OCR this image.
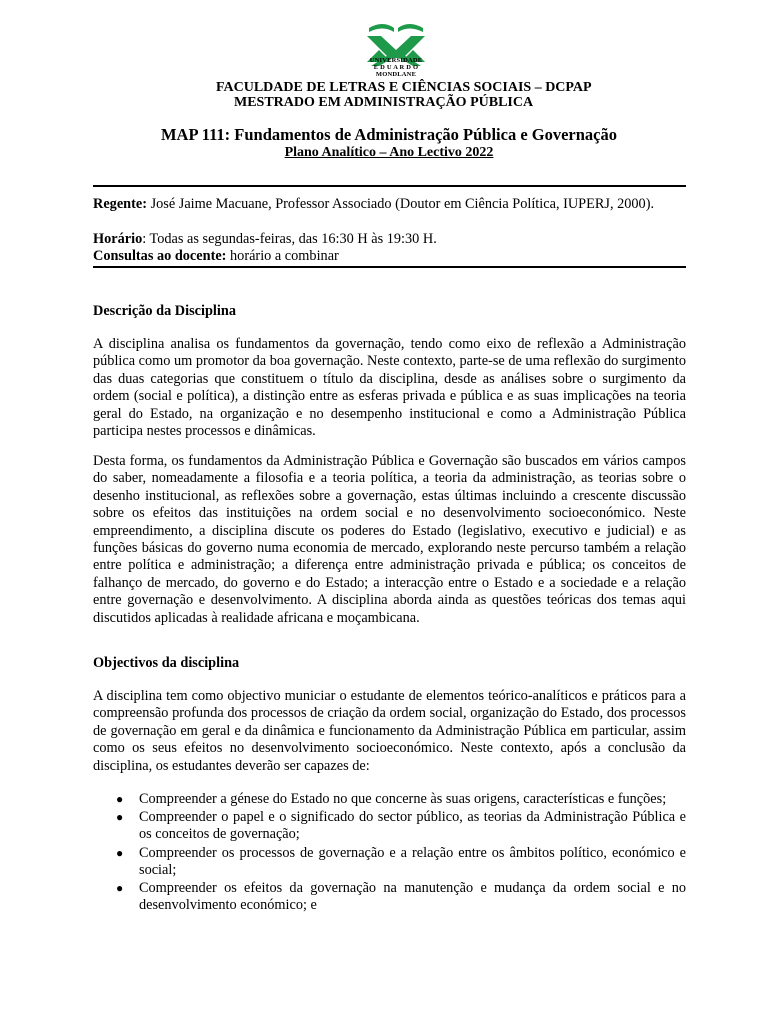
UNIVERSIDADE
E D U A R D O
MONDLANE
FACULDADE DE LETRAS E CIÊNCIAS SOCIAIS – DCPAP
MESTRADO EM ADMINISTRAÇÃO PÚBLICA
MAP 111: Fundamentos de Administração Pública e Governação
Plano Analítico – Ano Lectivo 2022
Regente: José Jaime Macuane, Professor Associado (Doutor em Ciência Política, IUPERJ, 2000).
Horário: Todas as segundas-feiras, das 16:30 H às 19:30 H.
Consultas ao docente: horário a combinar
Descrição da Disciplina
A disciplina analisa os fundamentos da governação, tendo como eixo de reflexão a Administração pública como um promotor da boa governação. Neste contexto, parte-se de uma reflexão do surgimento das duas categorias que constituem o título da disciplina, desde as análises sobre o surgimento da ordem (social e política), a distinção entre as esferas privada e pública e as suas implicações na teoria geral do Estado, na organização e no desempenho institucional e como a Administração Pública participa nestes processos e dinâmicas.
Desta forma, os fundamentos da Administração Pública e Governação são buscados em vários campos do saber, nomeadamente a filosofia e a teoria política, a teoria da administração, as teorias sobre o desenho institucional, as reflexões sobre a governação, estas últimas incluindo a crescente discussão sobre os efeitos das instituições na ordem social e no desenvolvimento socioeconómico. Neste empreendimento, a disciplina discute os poderes do Estado (legislativo, executivo e judicial) e as funções básicas do governo numa economia de mercado, explorando neste percurso também a relação entre política e administração; a diferença entre administração privada e pública; os conceitos de falhanço de mercado, do governo e do Estado; a interacção entre o Estado e a sociedade e a relação entre governação e desenvolvimento. A disciplina aborda ainda as questões teóricas dos temas aqui discutidos aplicadas à realidade africana e moçambicana.
Objectivos da disciplina
A disciplina tem como objectivo municiar o estudante de elementos teórico-analíticos e práticos para a compreensão profunda dos processos de criação da ordem social, organização do Estado, dos processos de governação em geral e da dinâmica e funcionamento da Administração Pública em particular, assim como os seus efeitos no desenvolvimento socioeconómico. Neste contexto, após a conclusão da disciplina, os estudantes deverão ser capazes de:
● Compreender a génese do Estado no que concerne às suas origens, características e funções;
● Compreender o papel e o significado do sector público, as teorias da Administração Pública e os conceitos de governação;
● Compreender os processos de governação e a relação entre os âmbitos político, económico e social;
● Compreender os efeitos da governação na manutenção e mudança da ordem social e no desenvolvimento económico; e
